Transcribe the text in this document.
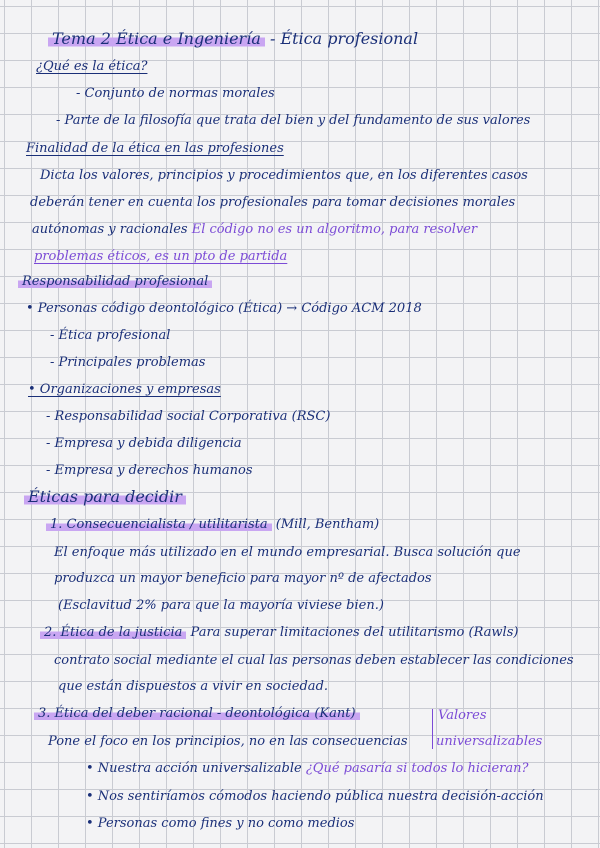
Tema 2 Ética e Ingeniería - Ética profesional
¿Qué es la ética?
- Conjunto de normas morales
- Parte de la filosofía que trata del bien y del fundamento de sus valores
Finalidad de la ética en las profesiones
Dicta los valores, principios y procedimientos que, en los diferentes casos
deberán tener en cuenta los profesionales para tomar decisiones morales
autónomas y racionales El código no es un algoritmo, para resolver
problemas éticos, es un pto de partida
Responsabilidad profesional
• Personas código deontológico (Ética) → Código ACM 2018
- Ética profesional
- Principales problemas
• Organizaciones y empresas
- Responsabilidad social Corporativa (RSC)
- Empresa y debida diligencia
- Empresa y derechos humanos
Éticas para decidir
1. Consecuencialista / utilitarista (Mill, Bentham)
El enfoque más utilizado en el mundo empresarial. Busca solución que
produzca un mayor beneficio para mayor nº de afectados
(Esclavitud 2% para que la mayoría viviese bien.)
2. Ética de la justicia Para superar limitaciones del utilitarismo (Rawls)
contrato social mediante el cual las personas deben establecer las condiciones
que están dispuestos a vivir en sociedad.
3. Ética del deber racional - deontológica (Kant)	Valores
Pone el foco en los principios, no en las consecuencias universalizables
• Nuestra acción universalizable ¿Qué pasaría si todos lo hicieran?
• Nos sentiríamos cómodos haciendo pública nuestra decisión-acción
• Personas como fines y no como medios
